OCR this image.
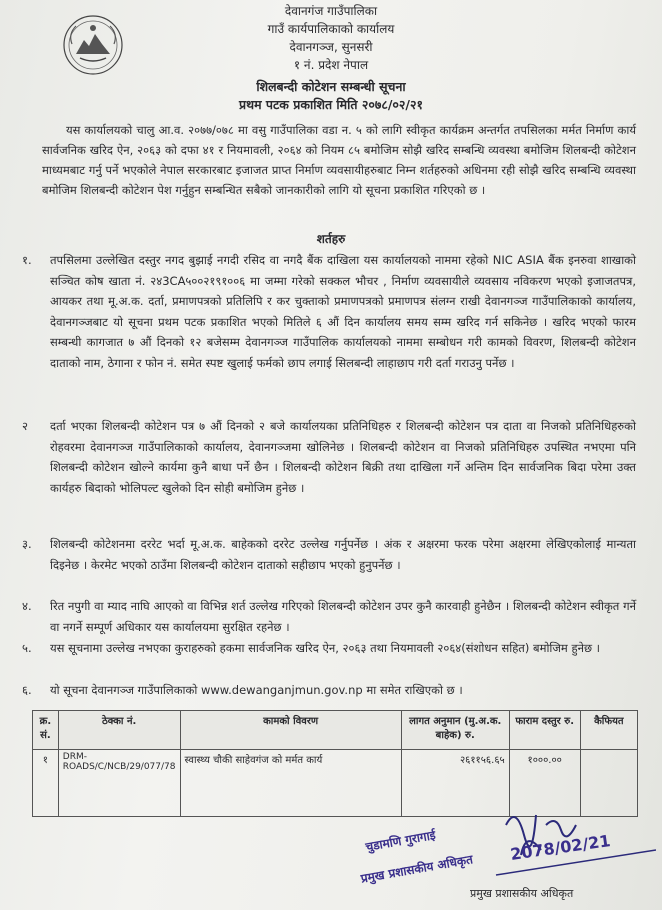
देवानगंज गाउँपालिका
गाउँ कार्यपालिकाको कार्यालय
देवानगञ्ज, सुनसरी
१ नं. प्रदेश नेपाल
शिलबन्दी कोटेशन सम्बन्धी सूचना
प्रथम पटक प्रकाशित मिति २०७८/०२/२१

यस कार्यालयको चालु आ.व. २०७७/०७८ मा वसु गाउँपालिका वडा न. ५ को लागि स्वीकृत कार्यक्रम अन्तर्गत तपसिलका मर्मत निर्माण कार्य सार्वजनिक खरिद ऐन, २०६३ को दफा ४१ र नियमावली, २०६४ को नियम ८५ बमोजिम सोझै खरिद सम्बन्धि व्यवस्था बमोजिम शिलबन्दी कोटेशन माध्यमबाट गर्नु पर्ने भएकोले नेपाल सरकारबाट इजाजत प्राप्त निर्माण व्यवसायीहरुबाट निम्न शर्तहरुको अधिनमा रही सोझै खरिद सम्बन्धि व्यवस्था बमोजिम शिलबन्दी कोटेशन पेश गर्नुहुन सम्बन्धित सबैको जानकारीको लागि यो सूचना प्रकाशित गरिएको छ ।

शर्तहरु
१.	तपसिलमा उल्लेखित दस्तुर नगद बुझाई नगदी रसिद वा नगदै बैंक दाखिला यस कार्यालयको नाममा रहेको NIC ASIA बैंक इनरुवा शाखाको सञ्चित कोष खाता नं. २४3CA५००२१९१००६ मा जम्मा गरेको सक्कल भौचर , निर्माण व्यवसायीले व्यवसाय नविकरण भएको इजाजतपत्र, आयकर तथा मू.अ.क. दर्ता, प्रमाणपत्रको प्रतिलिपि र कर चुक्ताको प्रमाणपत्रको प्रमाणपत्र संलग्न राखी देवानगञ्ज गाउँपालिकाको कार्यालय, देवानगञ्जबाट यो सूचना प्रथम पटक प्रकाशित भएको मितिले ६ औं दिन कार्यालय समय सम्म खरिद गर्न सकिनेछ । खरिद भएको फारम सम्बन्धी कागजात ७ औं दिनको १२ बजेसम्म देवानगञ्ज गाउँपालिक कार्यालयको नाममा सम्बोधन गरी कामको विवरण, शिलबन्दी कोटेशन दाताको नाम, ठेगाना र फोन नं. समेत स्पष्ट खुलाई फर्मको छाप लगाई सिलबन्दी लाहाछाप गरी दर्ता गराउनु पर्नेछ ।

२	दर्ता भएका शिलबन्दी कोटेशन पत्र ७ औं दिनको २ बजे कार्यालयका प्रतिनिधिहरु र शिलबन्दी कोटेशन पत्र दाता वा निजको प्रतिनिधिहरुको रोहवरमा देवानगञ्ज गाउँपालिकाको कार्यालय, देवानगञ्जमा खोलिनेछ । शिलबन्दी कोटेशन वा निजको प्रतिनिधिहरु उपस्थित नभएमा पनि शिलबन्दी कोटेशन खोल्ने कार्यमा कुनै बाधा पर्ने छैन । शिलबन्दी कोटेशन बिक्री तथा दाखिला गर्ने अन्तिम दिन सार्वजनिक बिदा परेमा उक्त कार्यहरु बिदाको भोलिपल्ट खुलेको दिन सोही बमोजिम हुनेछ ।

३.	शिलबन्दी कोटेशनमा दररेट भर्दा मू.अ.क. बाहेकको दररेट उल्लेख गर्नुपर्नेछ । अंक र अक्षरमा फरक परेमा अक्षरमा लेखिएकोलाई मान्यता दिइनेछ । केरमेट भएको ठाउँमा शिलबन्दी कोटेशन दाताको सहीछाप भएको हुनुपर्नेछ ।

४.	रित नपुगी वा म्याद नाघि आएको वा विभिन्न शर्त उल्लेख गरिएको शिलबन्दी कोटेशन उपर कुनै कारवाही हुनेछैन । शिलबन्दी कोटेशन स्वीकृत गर्ने वा नगर्ने सम्पूर्ण अधिकार यस कार्यालयमा सुरक्षित रहनेछ ।

५.	यस सूचनामा उल्लेख नभएका कुराहरुको हकमा सार्वजनिक खरिद ऐन, २०६३ तथा नियमावली २०६४(संशोधन सहित) बमोजिम हुनेछ ।

६.	यो सूचना देवानगञ्ज गाउँपालिकाको www.dewanganjmun.gov.np मा समेत राखिएको छ ।

क्र. सं.	ठेक्का नं.	कामको विवरण	लागत अनुमान (मु.अ.क. बाहेक) रु.	फाराम दस्तुर रु.	कैफियत
१	DRM-ROADS/C/NCB/29/077/78	स्वास्थ्य चौकी साहेवगंज को मर्मत कार्य	२६११५६.६५	१०००.००	
चुडामणि गुरागाई
प्रमुख प्रशासकीय अधिकृत
2078/02/21
प्रमुख प्रशासकीय अधिकृत
